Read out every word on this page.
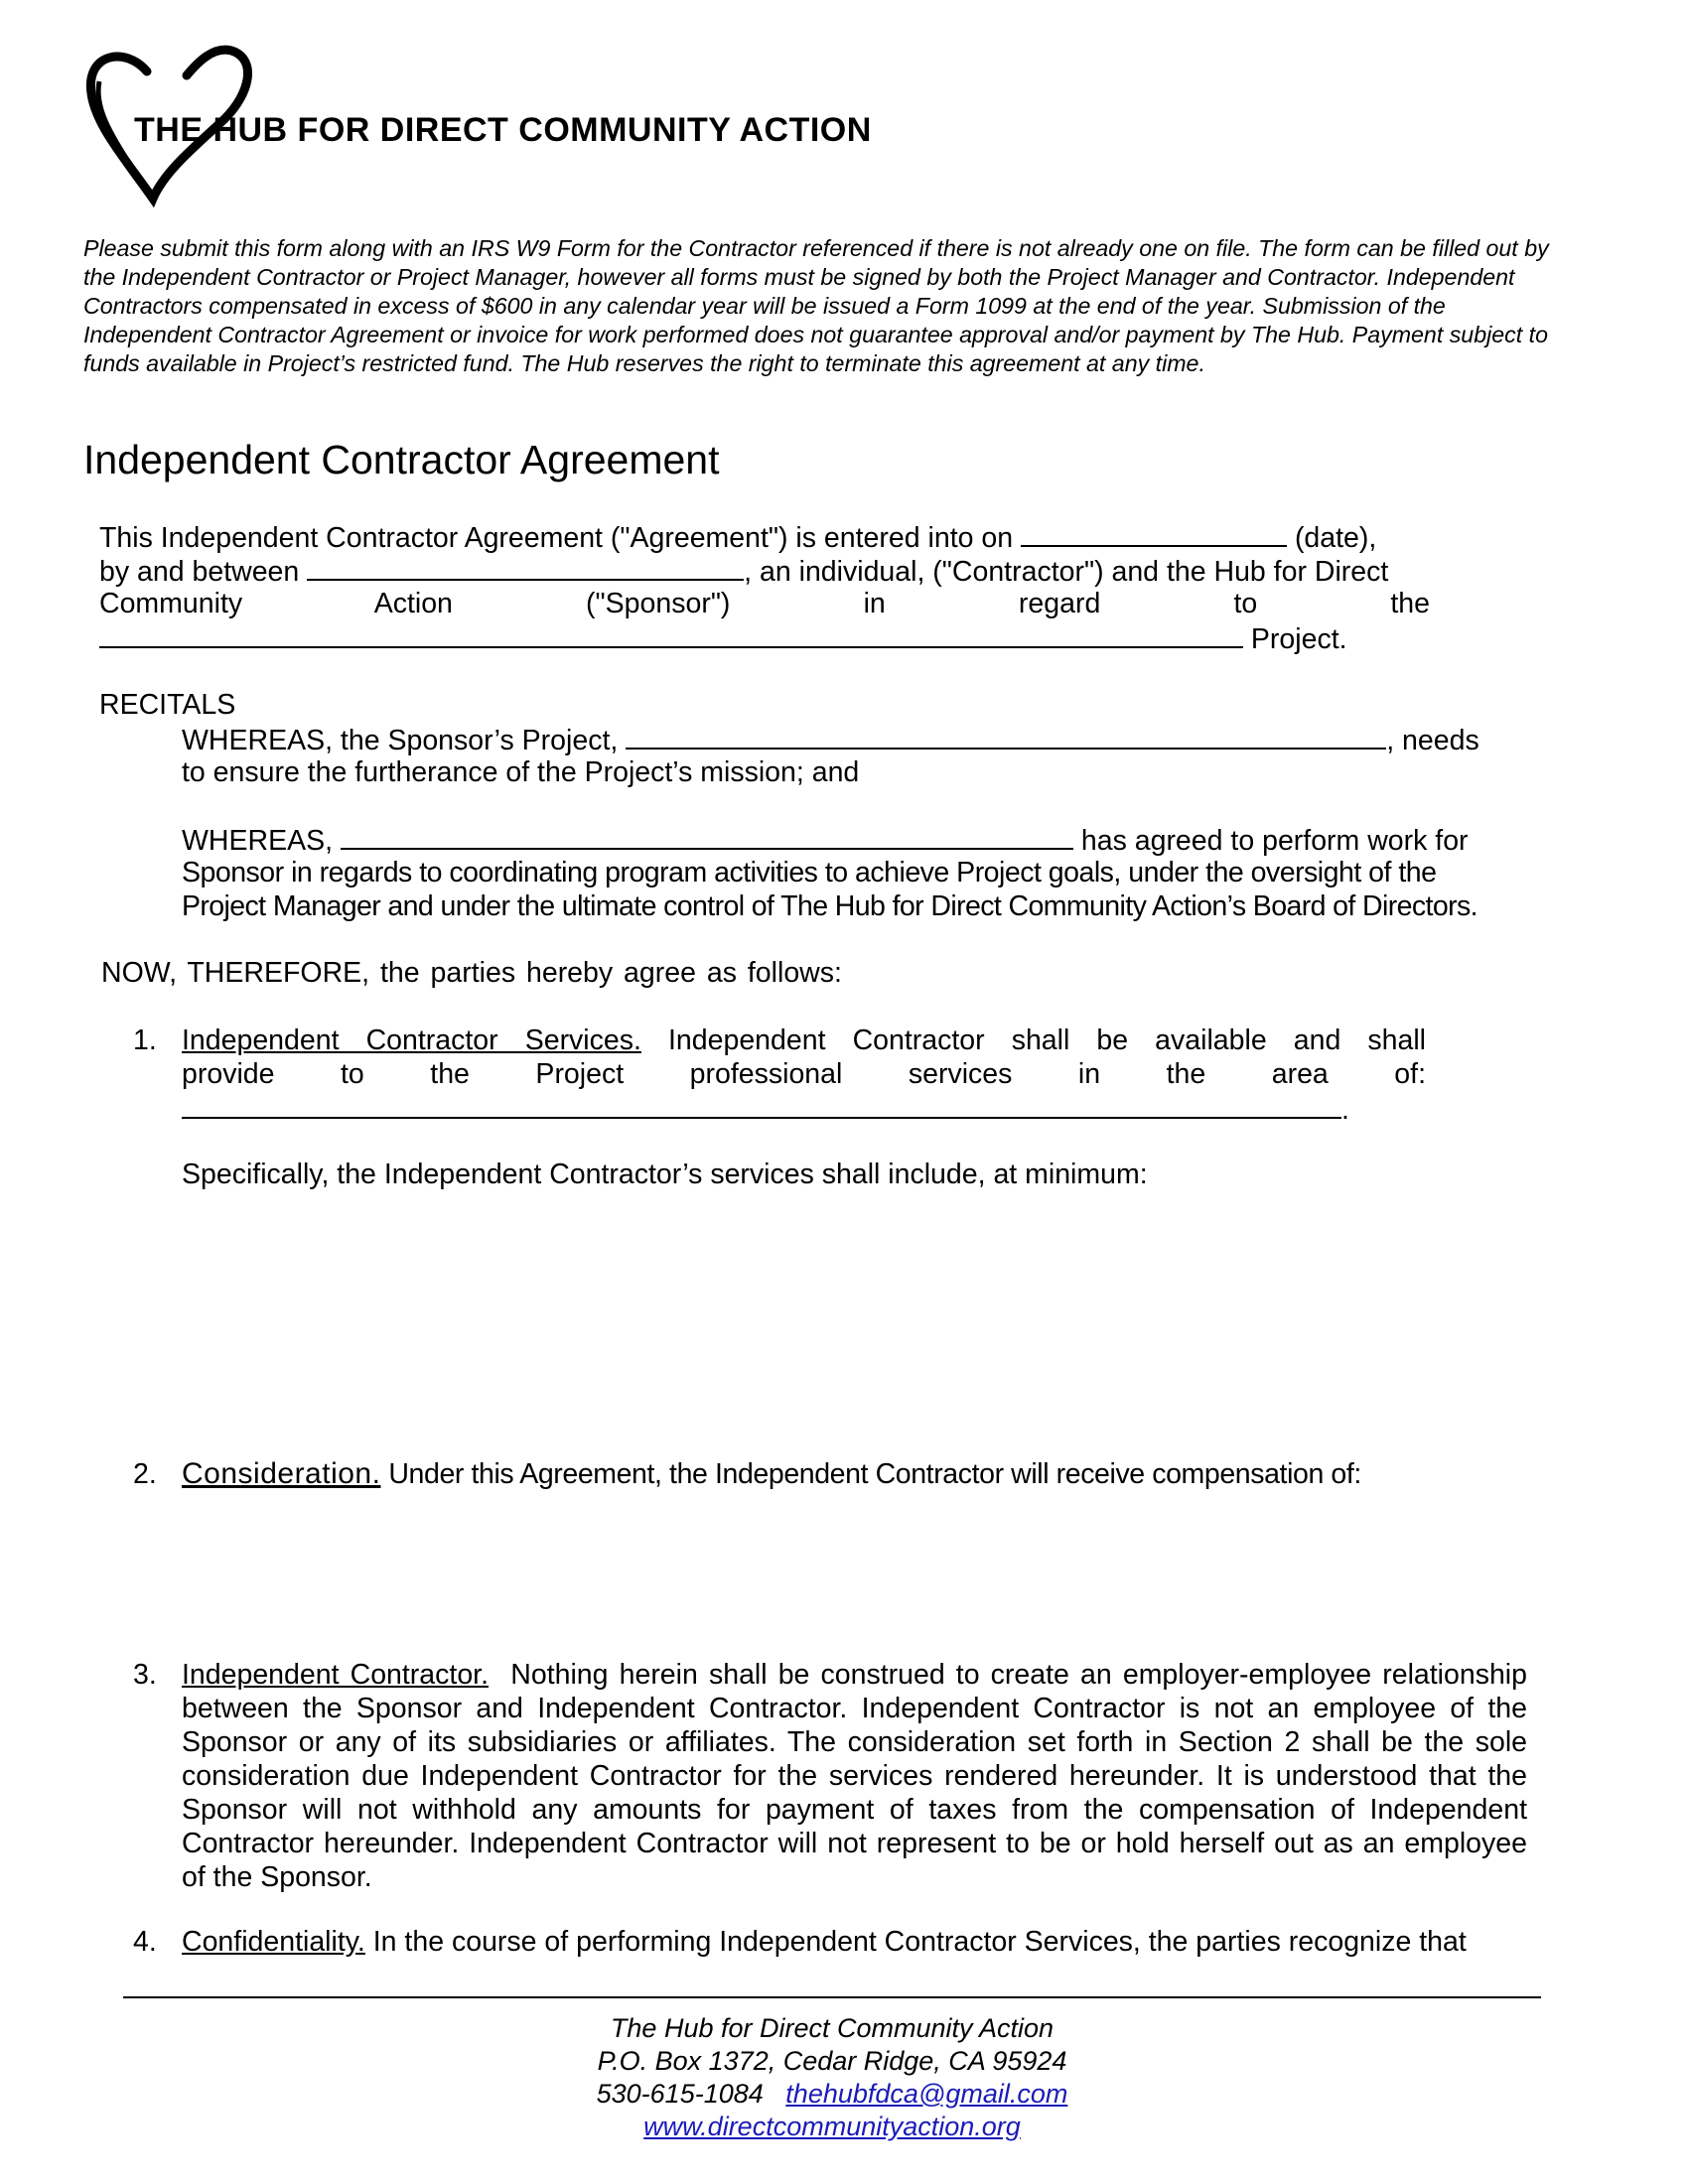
THE HUB FOR DIRECT COMMUNITY ACTION
Please submit this form along with an IRS W9 Form for the Contractor referenced if there is not already one on file. The form can be filled out by the Independent Contractor or Project Manager, however all forms must be signed by both the Project Manager and Contractor. Independent Contractors compensated in excess of $600 in any calendar year will be issued a Form 1099 at the end of the year. Submission of the Independent Contractor Agreement or invoice for work performed does not guarantee approval and/or payment by The Hub. Payment subject to funds available in Project’s restricted fund. The Hub reserves the right to terminate this agreement at any time.
Independent Contractor Agreement
This Independent Contractor Agreement ("Agreement") is entered into on	(date),
by and between	, an individual, ("Contractor") and the Hub for Direct
Community Action ("Sponsor") in regard to the
Project.
RECITALS
WHEREAS, the Sponsor’s Project,	, needs
to ensure the furtherance of the Project’s mission; and
WHEREAS,	has agreed to perform work for
Sponsor in regards to coordinating program activities to achieve Project goals, under the oversight of the
Project Manager and under the ultimate control of The Hub for Direct Community Action’s Board of Directors.
NOW, THEREFORE, the parties hereby agree as follows:
1. Independent Contractor Services. Independent Contractor shall be available and shall
provide to the Project professional services in the area of:
.
Specifically, the Independent Contractor’s services shall include, at minimum:
2. Consideration. Under this Agreement, the Independent Contractor will receive compensation of:
3. Independent Contractor. Nothing herein shall be construed to create an employer-employee relationship between the Sponsor and Independent Contractor. Independent Contractor is not an employee of the Sponsor or any of its subsidiaries or affiliates. The consideration set forth in Section 2 shall be the sole consideration due Independent Contractor for the services rendered hereunder. It is understood that the Sponsor will not withhold any amounts for payment of taxes from the compensation of Independent Contractor hereunder. Independent Contractor will not represent to be or hold herself out as an employee of the Sponsor.
4. Confidentiality. In the course of performing Independent Contractor Services, the parties recognize that
The Hub for Direct Community Action
P.O. Box 1372, Cedar Ridge, CA 95924
530-615-1084 thehubfdca@gmail.com
www.directcommunityaction.org
